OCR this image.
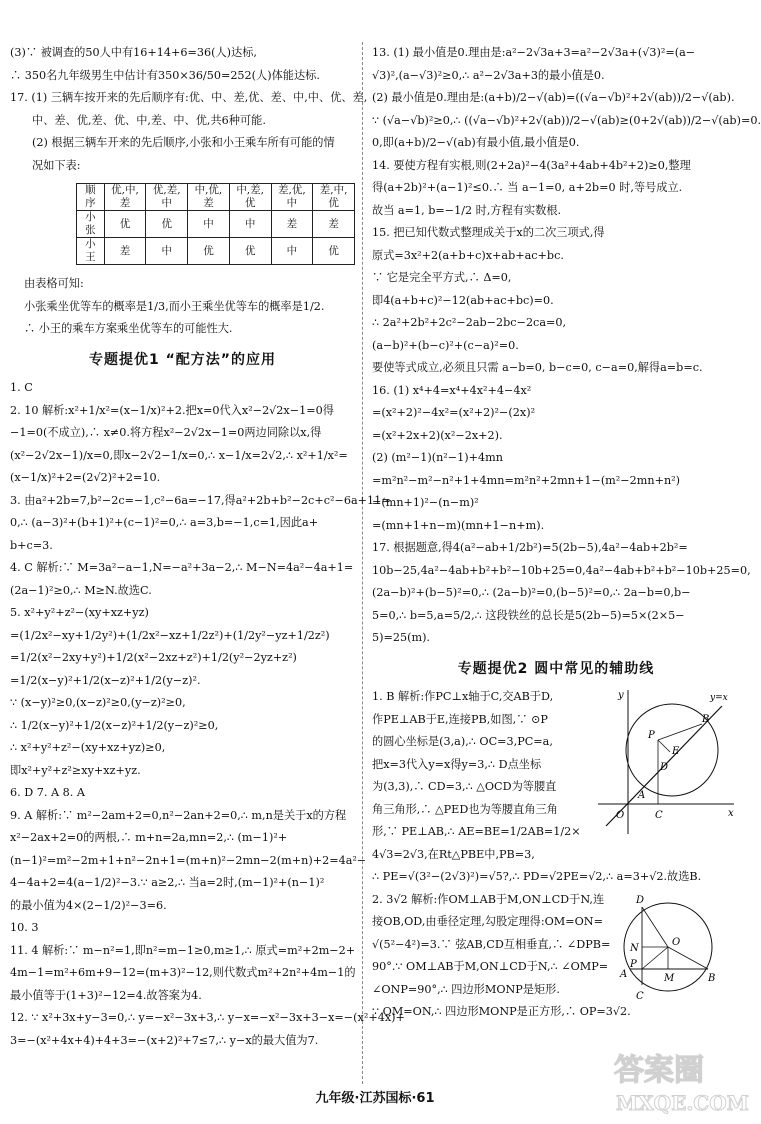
(3)∵ 被调查的50人中有16+14+6=36(人)达标,

∴ 350名九年级男生中估计有350×36/50=252(人)体能达标.

17. (1) 三辆车按开来的先后顺序有:优、中、差,优、差、中,中、优、差,

中、差、优,差、优、中,差、中、优,共6种可能.

(2) 根据三辆车开来的先后顺序,小张和小王乘车所有可能的情

况如下表:

顺序	优,中,差	优,差,中	中,优,差	中,差,优	差,优,中	差,中,优
小张	优	优	中	中	差	差
小王	差	中	优	优	中	优

由表格可知:

小张乘坐优等车的概率是1/3,而小王乘坐优等车的概率是1/2.

∴ 小王的乘车方案乘坐优等车的可能性大.

专题提优1 “配方法”的应用

1. C

2. 10 解析:x²+1/x²=(x−1/x)²+2.把x=0代入x²−2√2x−1=0得

−1=0(不成立),∴ x≠0.将方程x²−2√2x−1=0两边同除以x,得

(x²−2√2x−1)/x=0,即x−2√2−1/x=0,∴ x−1/x=2√2,∴ x²+1/x²=

(x−1/x)²+2=(2√2)²+2=10.

3. 由a²+2b=7,b²−2c=−1,c²−6a=−17,得a²+2b+b²−2c+c²−6a+11=

0,∴ (a−3)²+(b+1)²+(c−1)²=0,∴ a=3,b=−1,c=1,因此a+

b+c=3.

4. C 解析:∵ M=3a²−a−1,N=−a²+3a−2,∴ M−N=4a²−4a+1=

(2a−1)²≥0,∴ M≥N.故选C.

5. x²+y²+z²−(xy+xz+yz)

=(1/2x²−xy+1/2y²)+(1/2x²−xz+1/2z²)+(1/2y²−yz+1/2z²)

=1/2(x²−2xy+y²)+1/2(x²−2xz+z²)+1/2(y²−2yz+z²)

=1/2(x−y)²+1/2(x−z)²+1/2(y−z)².

∵ (x−y)²≥0,(x−z)²≥0,(y−z)²≥0,

∴ 1/2(x−y)²+1/2(x−z)²+1/2(y−z)²≥0,

∴ x²+y²+z²−(xy+xz+yz)≥0,

即x²+y²+z²≥xy+xz+yz.

6. D 7. A 8. A

9. A 解析:∵ m²−2am+2=0,n²−2an+2=0,∴ m,n是关于x的方程

x²−2ax+2=0的两根,∴ m+n=2a,mn=2,∴ (m−1)²+

(n−1)²=m²−2m+1+n²−2n+1=(m+n)²−2mn−2(m+n)+2=4a²−

4−4a+2=4(a−1/2)²−3.∵ a≥2,∴ 当a=2时,(m−1)²+(n−1)²

的最小值为4×(2−1/2)²−3=6.

10. 3

11. 4 解析:∵ m−n²=1,即n²=m−1≥0,m≥1,∴ 原式=m²+2m−2+

4m−1=m²+6m+9−12=(m+3)²−12,则代数式m²+2n²+4m−1的

最小值等于(1+3)²−12=4.故答案为4.

12. ∵ x²+3x+y−3=0,∴ y=−x²−3x+3,∴ y−x=−x²−3x+3−x=−(x²+4x)+

3=−(x²+4x+4)+4+3=−(x+2)²+7≤7,∴ y−x的最大值为7.

13. (1) 最小值是0.理由是:a²−2√3a+3=a²−2√3a+(√3)²=(a−

√3)²,(a−√3)²≥0,∴ a²−2√3a+3的最小值是0.

(2) 最小值是0.理由是:(a+b)/2−√(ab)=((√a−√b)²+2√(ab))/2−√(ab).

∵ (√a−√b)²≥0,∴ ((√a−√b)²+2√(ab))/2−√(ab)≥(0+2√(ab))/2−√(ab)=0.

0,即(a+b)/2−√(ab)有最小值,最小值是0.

14. 要使方程有实根,则(2+2a)²−4(3a²+4ab+4b²+2)≥0,整理

得(a+2b)²+(a−1)²≤0.∴ 当 a−1=0, a+2b=0 时,等号成立.

故当 a=1, b=−1/2 时,方程有实数根.

15. 把已知代数式整理成关于x的二次三项式,得

原式=3x²+2(a+b+c)x+ab+ac+bc.

∵ 它是完全平方式,∴ Δ=0,

即4(a+b+c)²−12(ab+ac+bc)=0.

∴ 2a²+2b²+2c²−2ab−2bc−2ca=0,

(a−b)²+(b−c)²+(c−a)²=0.

要使等式成立,必须且只需 a−b=0, b−c=0, c−a=0,解得a=b=c.

16. (1) x⁴+4=x⁴+4x²+4−4x²

=(x²+2)²−4x²=(x²+2)²−(2x)²

=(x²+2x+2)(x²−2x+2).

(2) (m²−1)(n²−1)+4mn

=m²n²−m²−n²+1+4mn=m²n²+2mn+1−(m²−2mn+n²)

=(mn+1)²−(n−m)²

=(mn+1+n−m)(mn+1−n+m).

17. 根据题意,得4(a²−ab+1/2b²)=5(2b−5),4a²−4ab+2b²=

10b−25,4a²−4ab+b²+b²−10b+25=0,4a²−4ab+b²+b²−10b+25=0,

(2a−b)²+(b−5)²=0,∴ (2a−b)²=0,(b−5)²=0,∴ 2a−b=0,b−

5=0,∴ b=5,a=5/2,∴ 这段铁丝的总长是5(2b−5)=5×(2×5−

5)=25(m).

专题提优2 圆中常见的辅助线

1. B 解析:作PC⊥x轴于C,交AB于D,

作PE⊥AB于E,连接PB,如图,∵ ⊙P

的圆心坐标是(3,a),∴ OC=3,PC=a,

把x=3代入y=x得y=3,∴ D点坐标

为(3,3),∴ CD=3,∴ △OCD为等腰直

角三角形,∴ △PED也为等腰直角三角

形,∵ PE⊥AB,∴ AE=BE=1/2AB=1/2×

4√3=2√3,在Rt△PBE中,PB=3,

∴ PE=√(3²−(2√3)²)=√5?,∴ PD=√2PE=√2,∴ a=3+√2.故选B.

y	y=x
B
P
E
D
A
O	C	x

2. 3√2 解析:作OM⊥AB于M,ON⊥CD于N,连

接OB,OD,由垂径定理,勾股定理得:OM=ON=

√(5²−4²)=3.∵ 弦AB,CD互相垂直,∴ ∠DPB=

90°.∵ OM⊥AB于M,ON⊥CD于N,∴ ∠OMP=

∠ONP=90°,∴ 四边形MONP是矩形.

∵ OM=ON,∴ 四边形MONP是正方形,∴ OP=3√2.

D
N
O
P
A	M	B
C
九年级·江苏国标·61
答案圈
MXQE.COM
